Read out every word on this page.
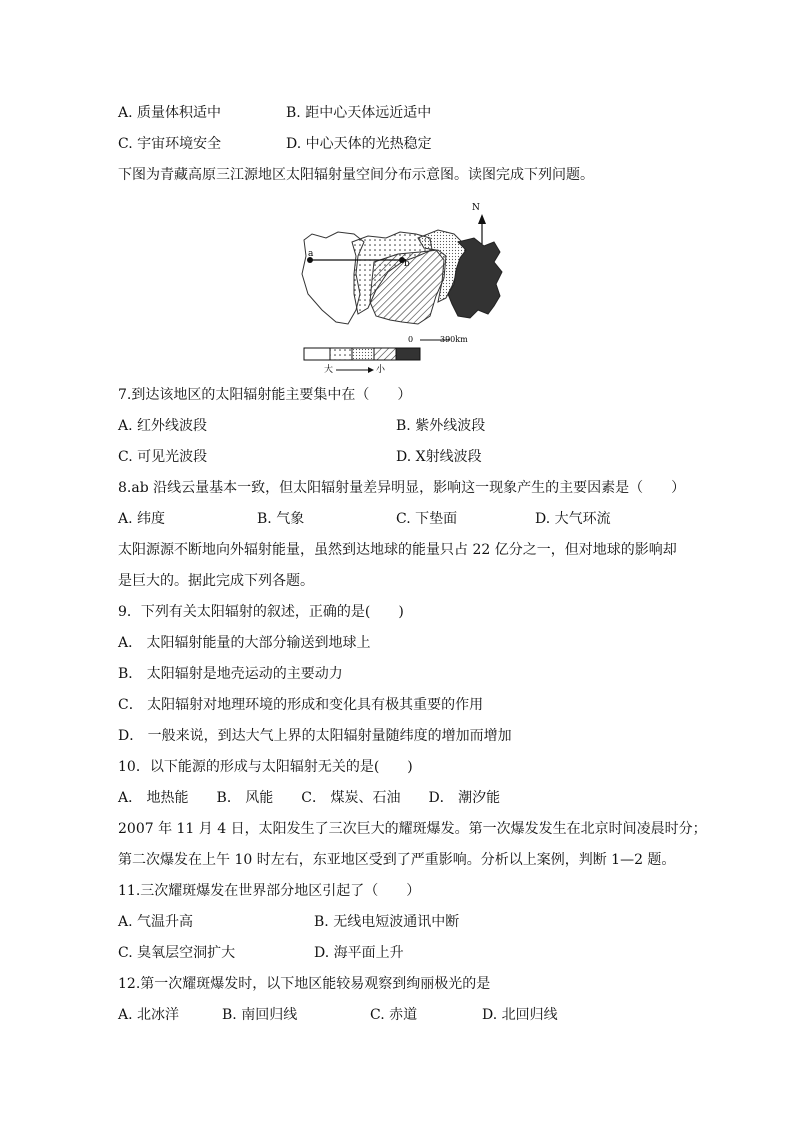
A. 质量体积适中	B. 距中心天体远近适中
C. 宇宙环境安全	D. 中心天体的光热稳定
下图为青藏高原三江源地区太阳辐射量空间分布示意图。读图完成下列问题。
a
b
N
0	390km
大	小
7.到达该地区的太阳辐射能主要集中在（　　）
A. 红外线波段	B. 紫外线波段
C. 可见光波段	D. X射线波段
8.ab 沿线云量基本一致，但太阳辐射量差异明显，影响这一现象产生的主要因素是（　　）
A. 纬度	B. 气象	C. 下垫面	D. 大气环流
太阳源源不断地向外辐射能量，虽然到达地球的能量只占 22 亿分之一，但对地球的影响却
是巨大的。据此完成下列各题。
9．下列有关太阳辐射的叙述，正确的是(　　)
A． 太阳辐射能量的大部分输送到地球上
B． 太阳辐射是地壳运动的主要动力
C． 太阳辐射对地理环境的形成和变化具有极其重要的作用
D． 一般来说，到达大气上界的太阳辐射量随纬度的增加而增加
10．以下能源的形成与太阳辐射无关的是(　　)
A． 地热能　　B． 风能　　C． 煤炭、石油　　D． 潮汐能
2007 年 11 月 4 日，太阳发生了三次巨大的耀斑爆发。第一次爆发发生在北京时间凌晨时分；
第二次爆发在上午 10 时左右，东亚地区受到了严重影响。分析以上案例，判断 1—2 题。
11.三次耀斑爆发在世界部分地区引起了（　　）
A. 气温升高	B. 无线电短波通讯中断
C. 臭氧层空洞扩大	D. 海平面上升
12.第一次耀斑爆发时，以下地区能较易观察到绚丽极光的是
A. 北冰洋	B. 南回归线	C. 赤道	D. 北回归线
